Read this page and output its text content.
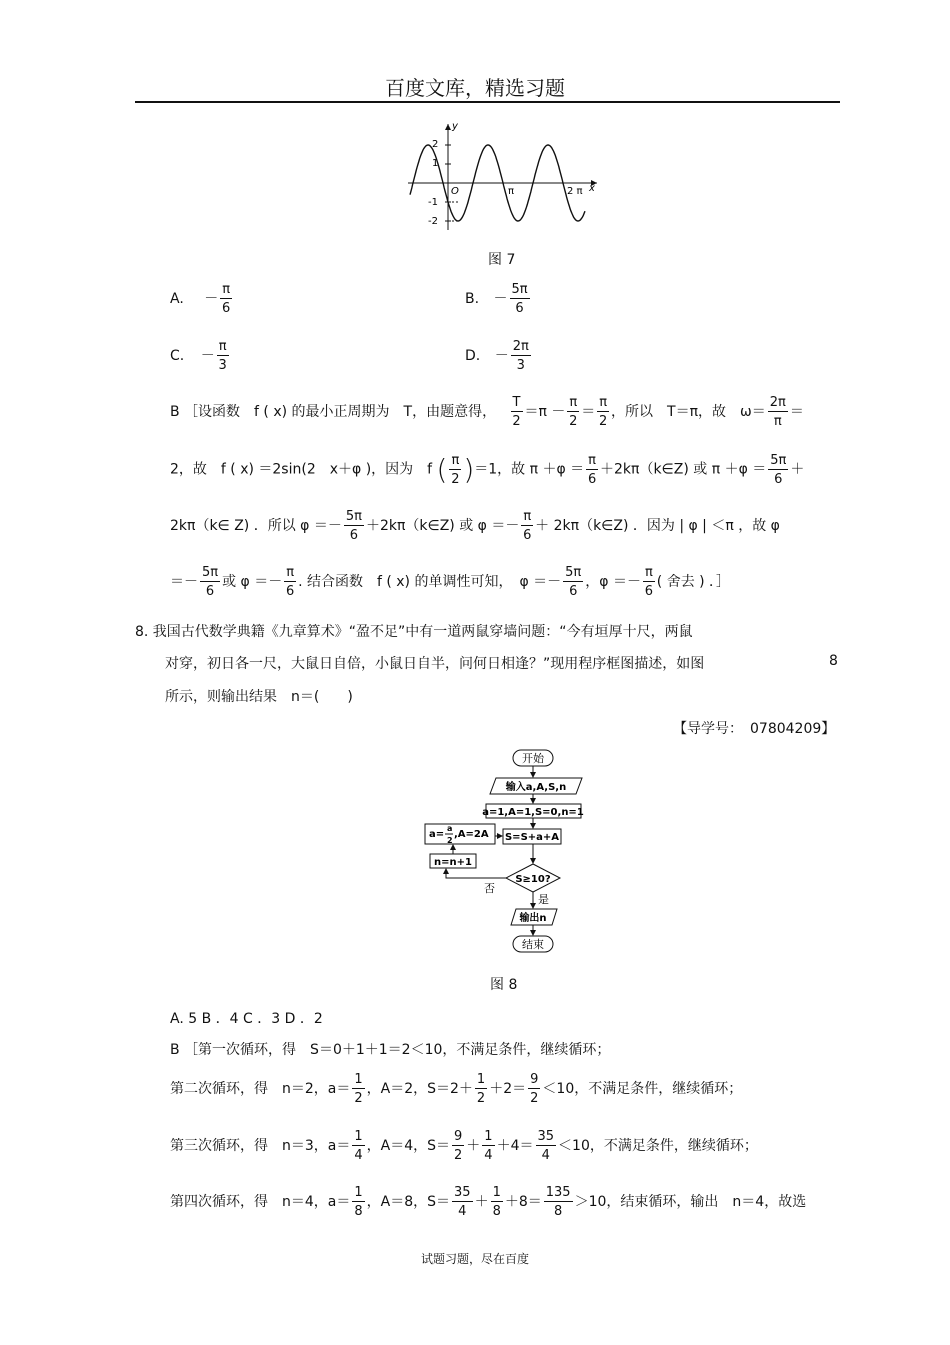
百度文库，精选习题
y
x
O
2
1
-1
-2
π	2 π
图 7
A. － $\frac{\pi}{6}$	B. － $\frac{5\pi}{6}$
C. － $\frac{\pi}{3}$	D. － $\frac{2\pi}{3}$
B ［设函数　f ( x) 的最小正周期为　T，由题意得， $\frac{T}{2} =\pi - \frac{\pi}{2} = \frac{\pi}{2}$ ，所以　T＝π，故　$\omega= \frac{2\pi}{\pi}$ ＝
2，故　f ( x) ＝2sin(2　x＋φ )，因为　f ( $\frac{\pi}{2} )=1$，故 $\pi +\varphi = \frac{\pi}{6}$ ＋2kπ（k∈Z) 或 $\pi +\varphi = \frac{5\pi}{6}$ ＋
2kπ（k∈ Z) ．所以 $\varphi =- \frac{5\pi}{6}$ ＋2kπ（k∈Z) 或 $\varphi =- \frac{\pi}{6}$ ＋ 2kπ（k∈Z) ．因为 | φ | ＜π ，故 φ
＝－ $\frac{5\pi}{6}$ 或 $\varphi =- \frac{\pi}{6}$ . 结合函数　f ( x) 的单调性可知，　$\varphi =- \frac{5\pi}{6}$ ，$\varphi =- \frac{\pi}{6}$ ( 舍去 ) ．］
8. 我国古代数学典籍《九章算术》“盈不足”中有一道两鼠穿墙问题：“今有垣厚十尺，两鼠
对穿，初日各一尺，大鼠日自倍，小鼠日自半，问何日相逢？”现用程序框图描述，如图	8
所示，则输出结果　n＝(　　)
【导学号：　07804209】
开始
输入a,A,S,n
a=1,A=1,S=0,n=1
S=S+a+A
a=
a
2
,A=2A
n=n+1
S≥10?
否
是
输出n
结束
图 8
A. 5 B ．4 C ．3 D ．2
B ［第一次循环，得　S＝0＋1＋1＝2＜10，不满足条件，继续循环；
第二次循环，得　n＝2，$a= \frac{1}{2}$ ，A＝2，$S=2+ \frac{1}{2} +2= \frac{9}{2} <10$，不满足条件，继续循环；
第三次循环，得　n＝3，$a= \frac{1}{4}$ ，A＝4，$S= \frac{9}{2} + \frac{1}{4} +4= \frac{35}{4} <10$，不满足条件，继续循环；
第四次循环，得　n＝4，$a= \frac{1}{8}$ ，A＝8，$S= \frac{35}{4} + \frac{1}{8} +8= \frac{135}{8} >10$，结束循环，输出　n＝4，故选
试题习题，尽在百度
